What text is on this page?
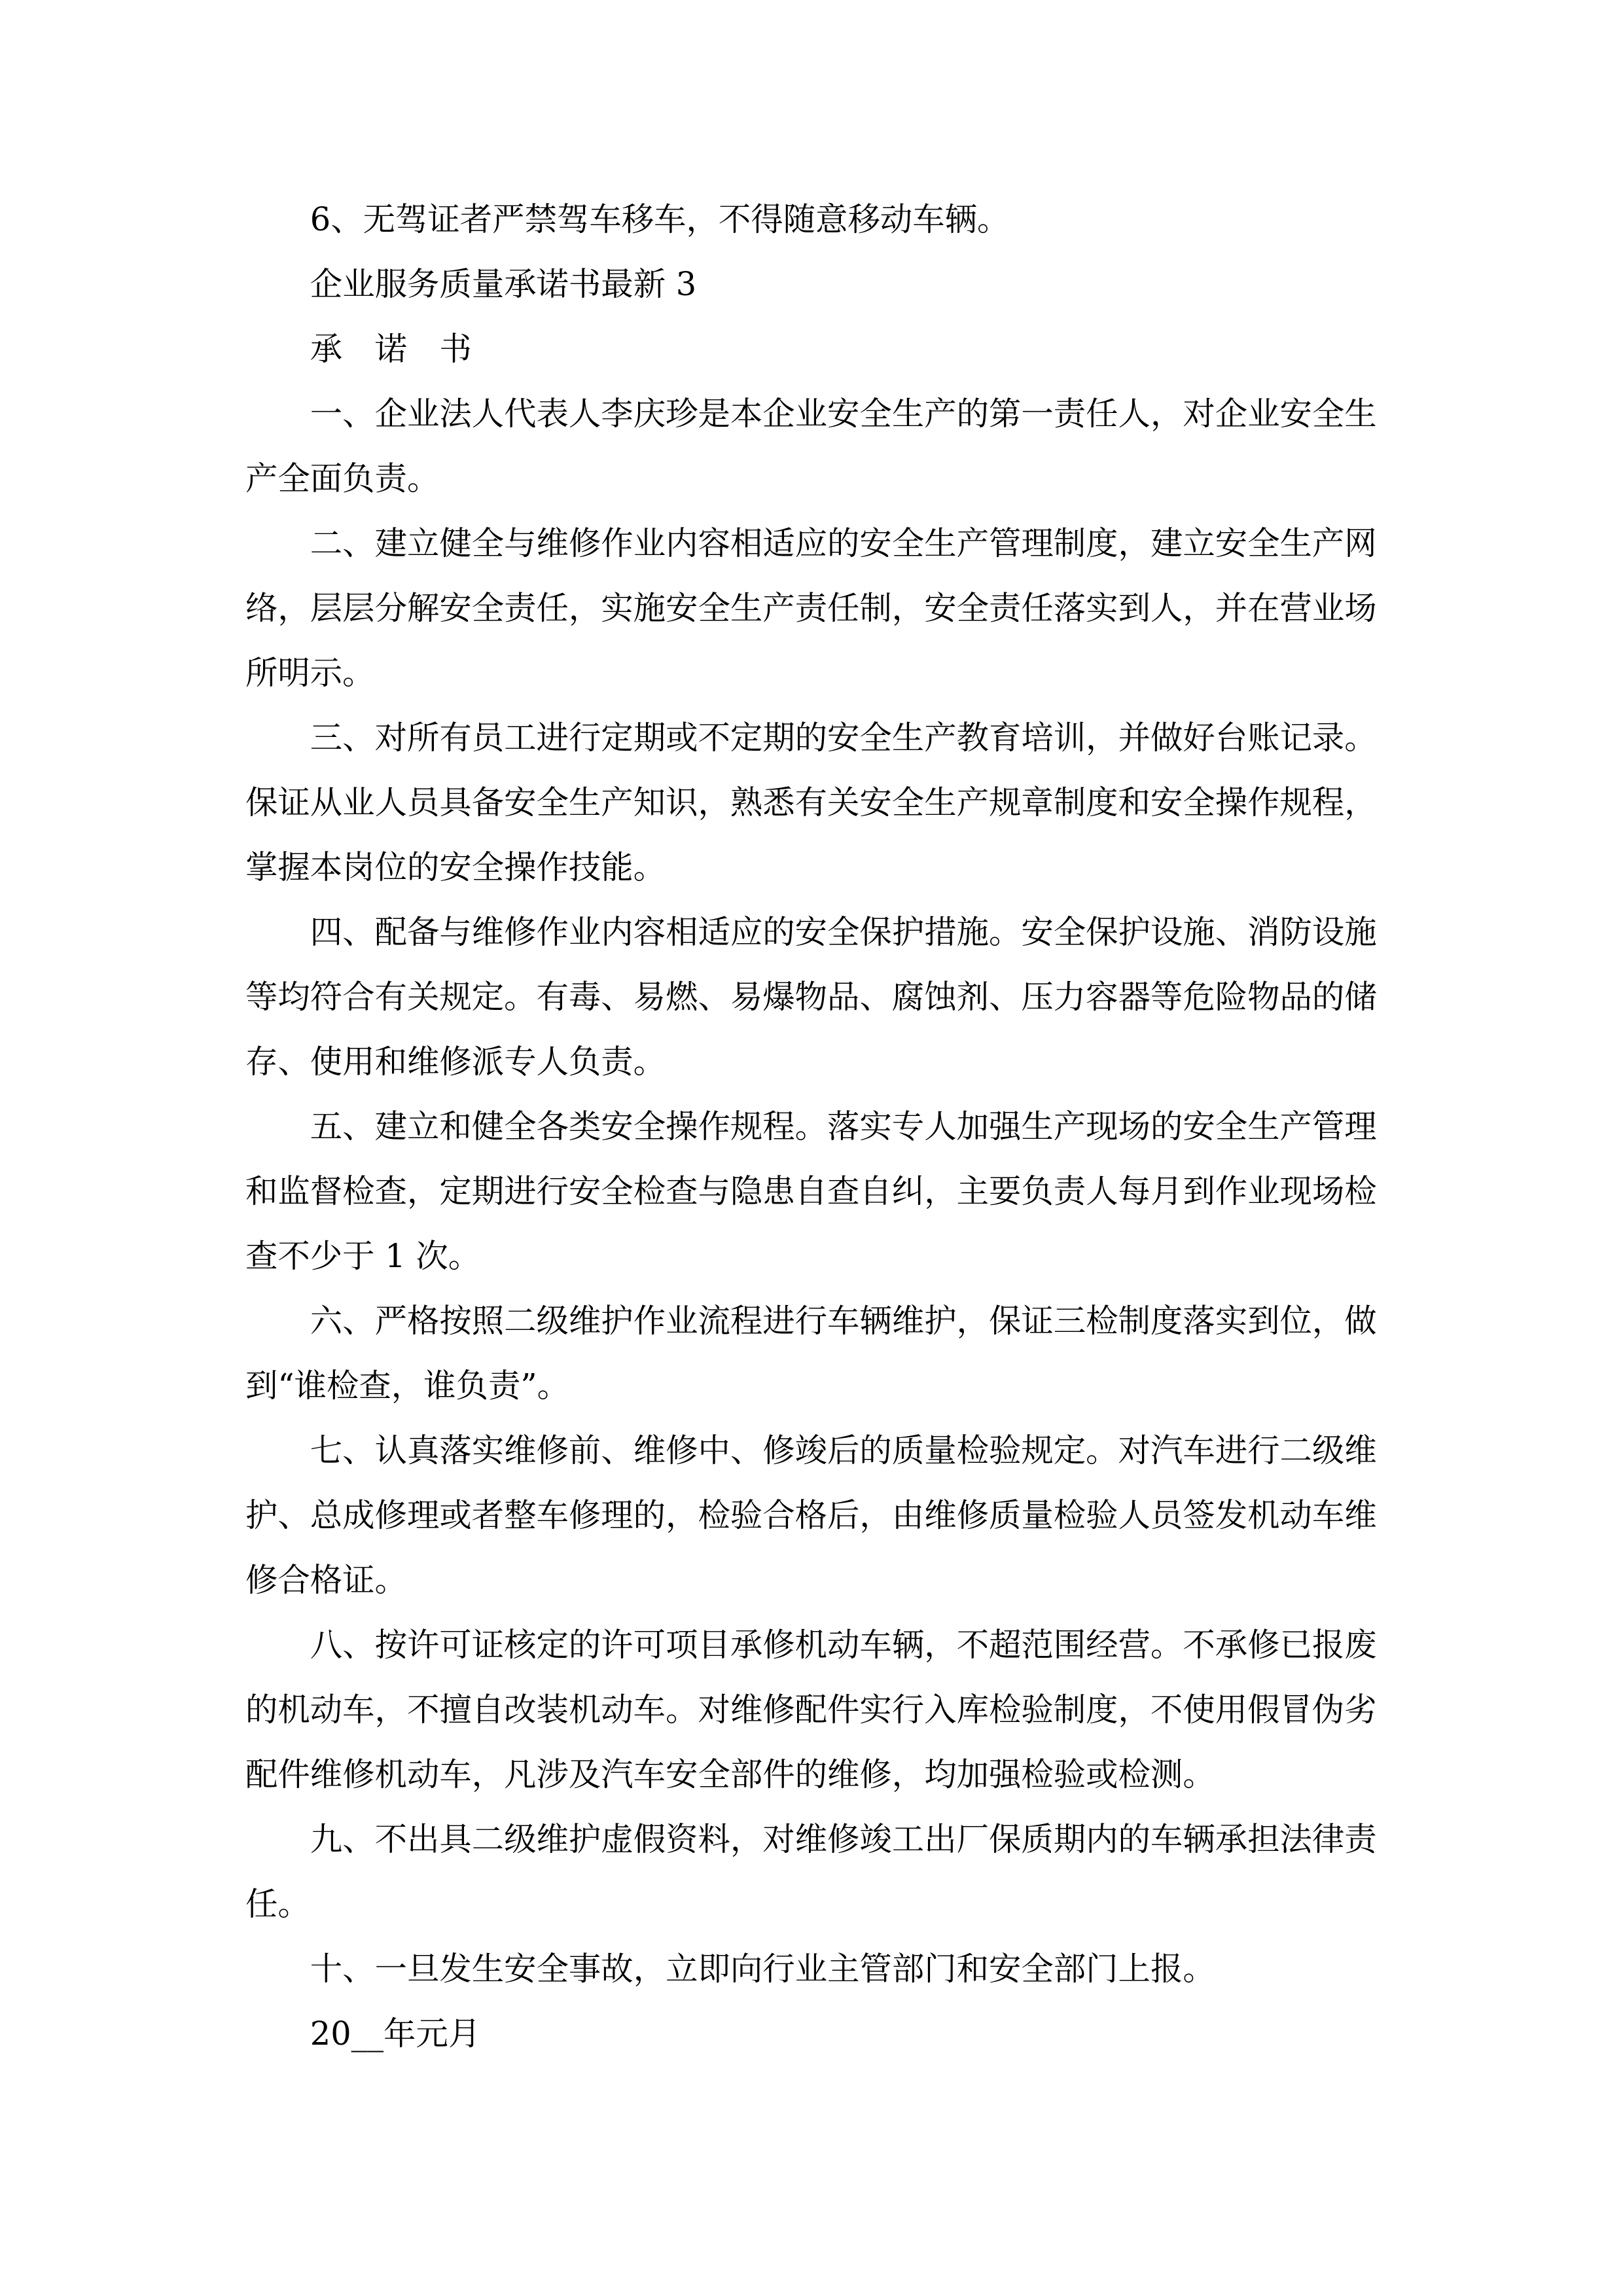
6、无驾证者严禁驾车移车，不得随意移动车辆。
企业服务质量承诺书最新 3
承　诺　书
一、企业法人代表人李庆珍是本企业安全生产的第一责任人，对企业安全生
产全面负责。
二、建立健全与维修作业内容相适应的安全生产管理制度，建立安全生产网
络，层层分解安全责任，实施安全生产责任制，安全责任落实到人，并在营业场
所明示。
三、对所有员工进行定期或不定期的安全生产教育培训，并做好台账记录。
保证从业人员具备安全生产知识，熟悉有关安全生产规章制度和安全操作规程，
掌握本岗位的安全操作技能。
四、配备与维修作业内容相适应的安全保护措施。安全保护设施、消防设施
等均符合有关规定。有毒、易燃、易爆物品、腐蚀剂、压力容器等危险物品的储
存、使用和维修派专人负责。
五、建立和健全各类安全操作规程。落实专人加强生产现场的安全生产管理
和监督检查，定期进行安全检查与隐患自查自纠，主要负责人每月到作业现场检
查不少于 1 次。
六、严格按照二级维护作业流程进行车辆维护，保证三检制度落实到位，做
到“谁检查，谁负责”。
七、认真落实维修前、维修中、修竣后的质量检验规定。对汽车进行二级维
护、总成修理或者整车修理的，检验合格后，由维修质量检验人员签发机动车维
修合格证。
八、按许可证核定的许可项目承修机动车辆，不超范围经营。不承修已报废
的机动车，不擅自改装机动车。对维修配件实行入库检验制度，不使用假冒伪劣
配件维修机动车，凡涉及汽车安全部件的维修，均加强检验或检测。
九、不出具二级维护虚假资料，对维修竣工出厂保质期内的车辆承担法律责
任。
十、一旦发生安全事故，立即向行业主管部门和安全部门上报。
20__年元月
